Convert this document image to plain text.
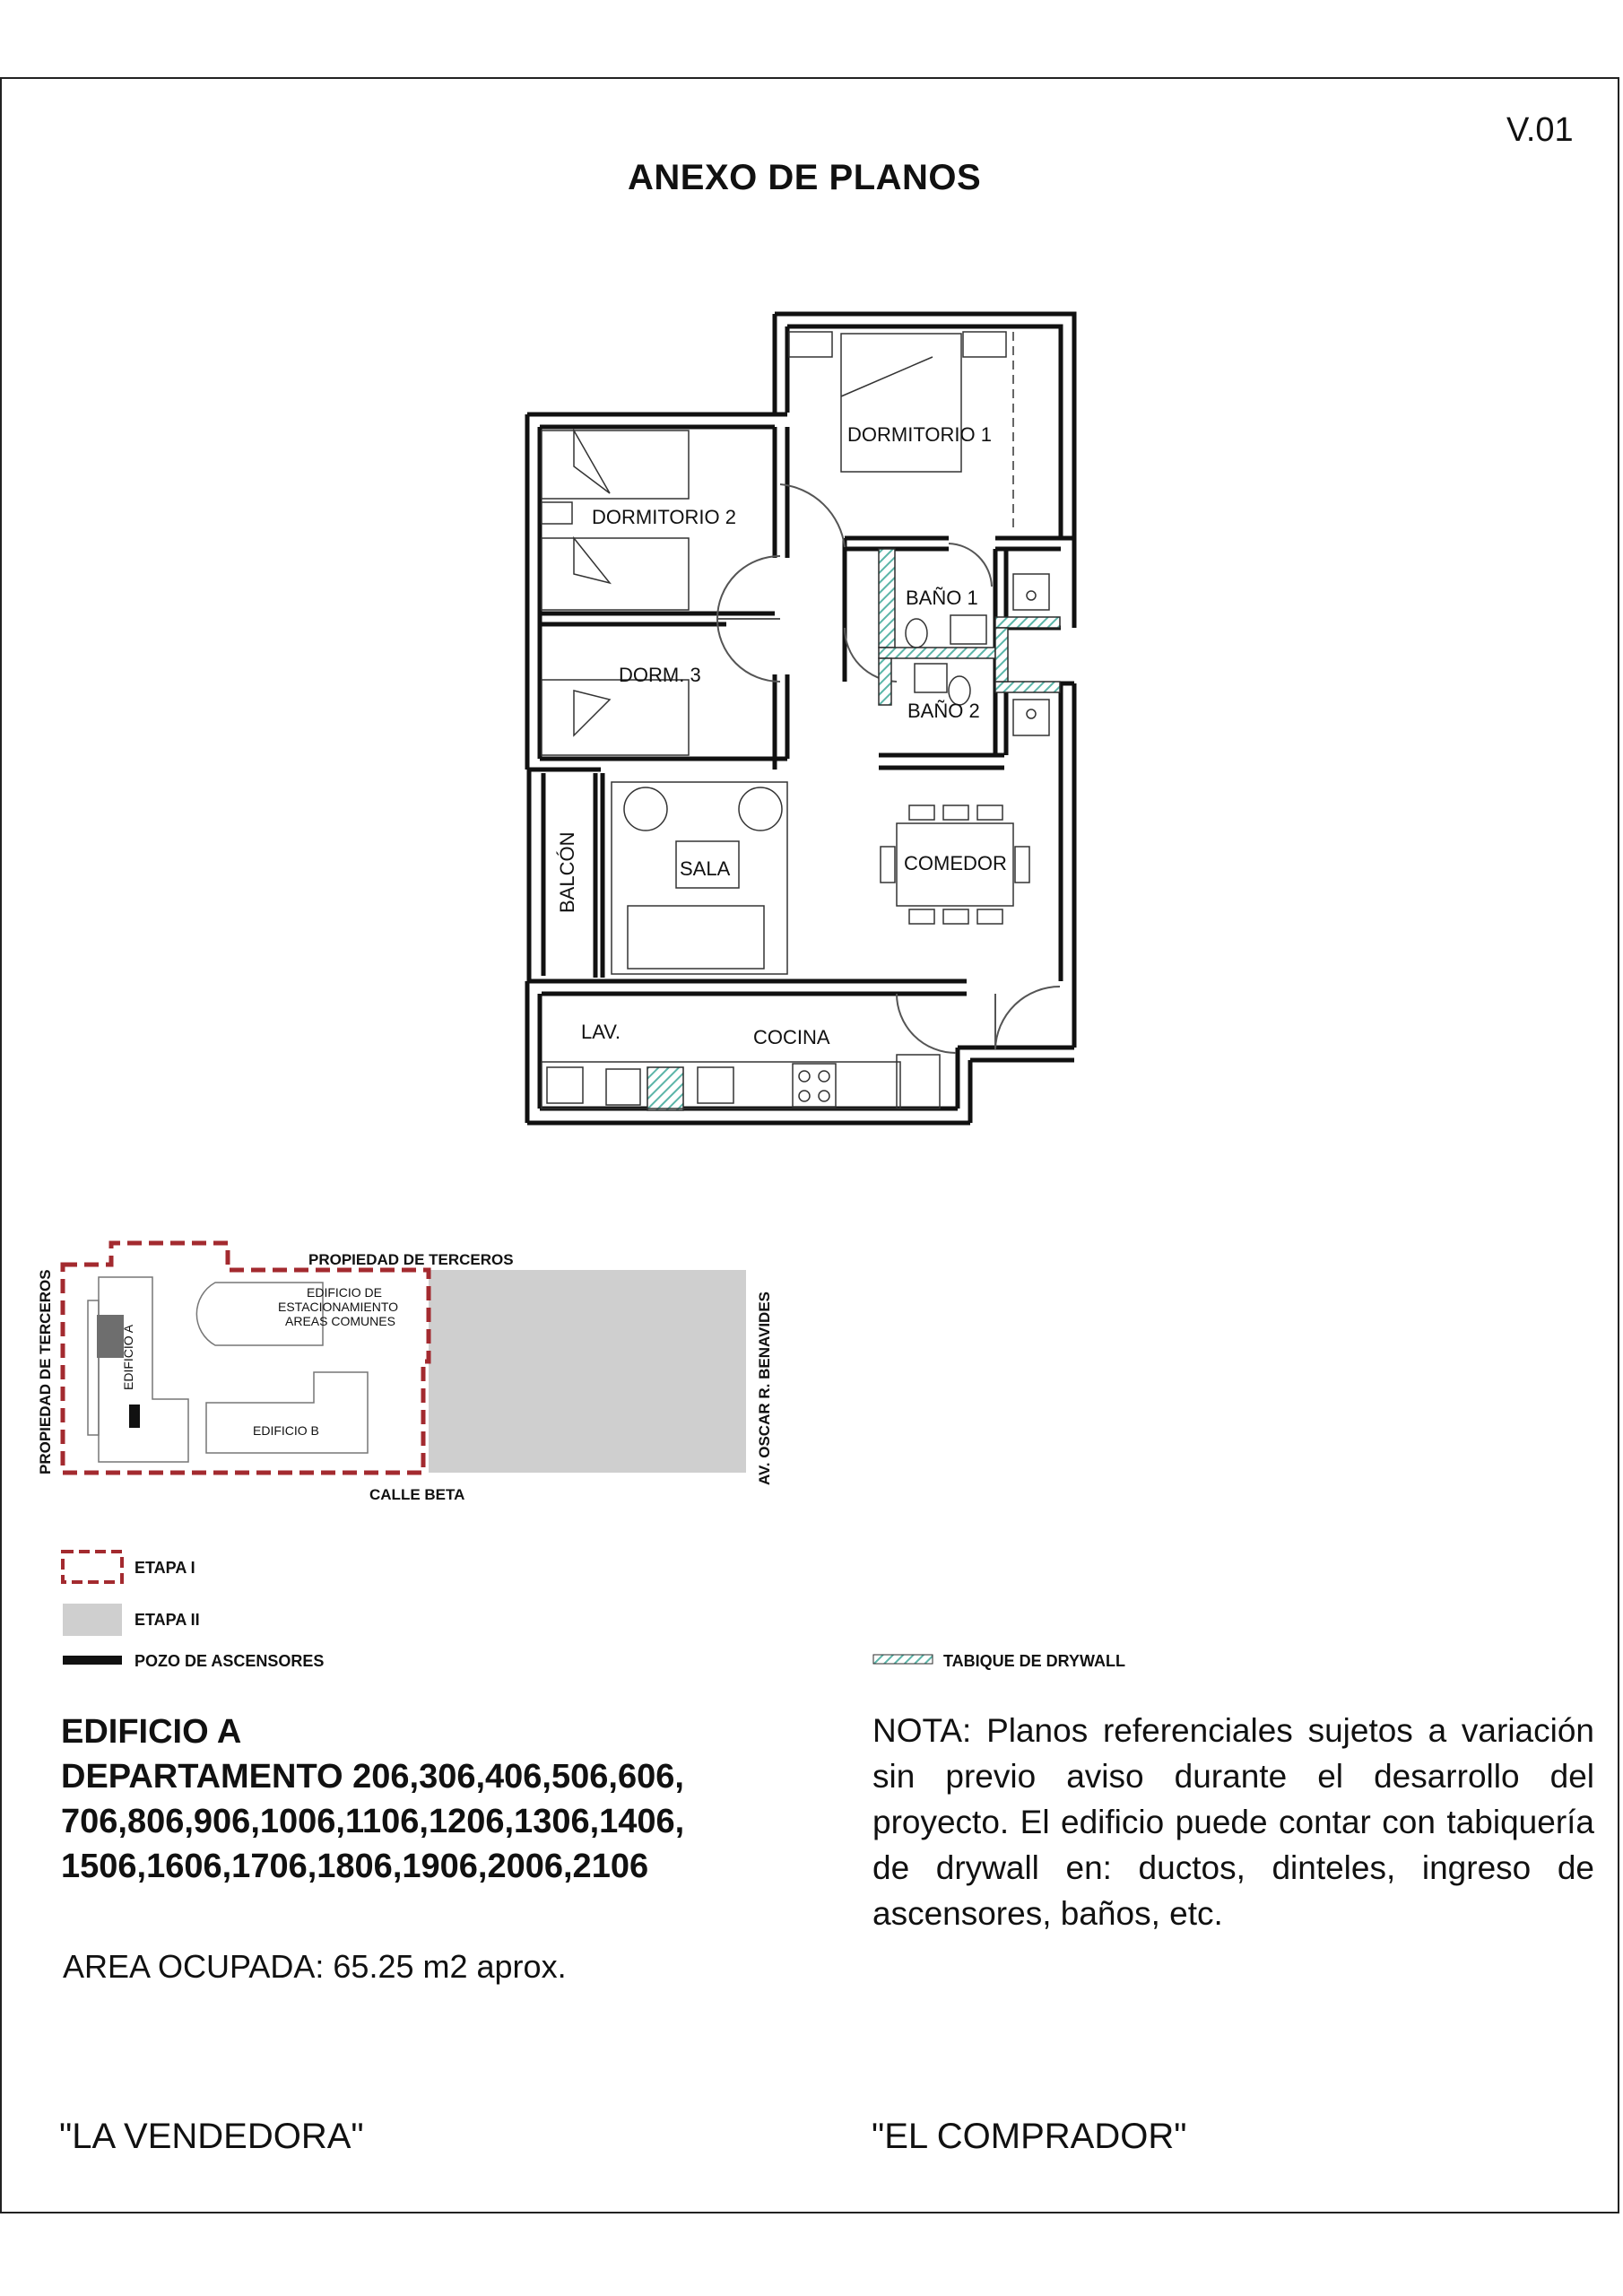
V.01
ANEXO DE PLANOS
DORMITORIO 1
DORMITORIO 2
DORM. 3
BAÑO 1
BAÑO 2
BALCÓN	SALA	COMEDOR
LAV.	COCINA
PROPIEDAD DE TERCEROS
PROPIEDAD DE TERCEROS
CALLE BETA
AV. OSCAR R. BENAVIDES
EDIFICIO DE
ESTACIONAMIENTO
AREAS COMUNES
EDIFICIO A
EDIFICIO B
ETAPA I
ETAPA II
POZO DE ASCENSORES	TABIQUE DE DRYWALL
EDIFICIO A
DEPARTAMENTO 206,306,406,506,606,
706,806,906,1006,1106,1206,1306,1406,
1506,1606,1706,1806,1906,2006,2106
AREA OCUPADA: 65.25 m2 aprox.
NOTA: Planos referenciales sujetos a variación sin previo aviso durante el desarrollo del proyecto. El edificio puede contar con tabiquería de drywall en: ductos, dinteles, ingreso de ascensores, baños, etc.
"LA VENDEDORA"	"EL COMPRADOR"
